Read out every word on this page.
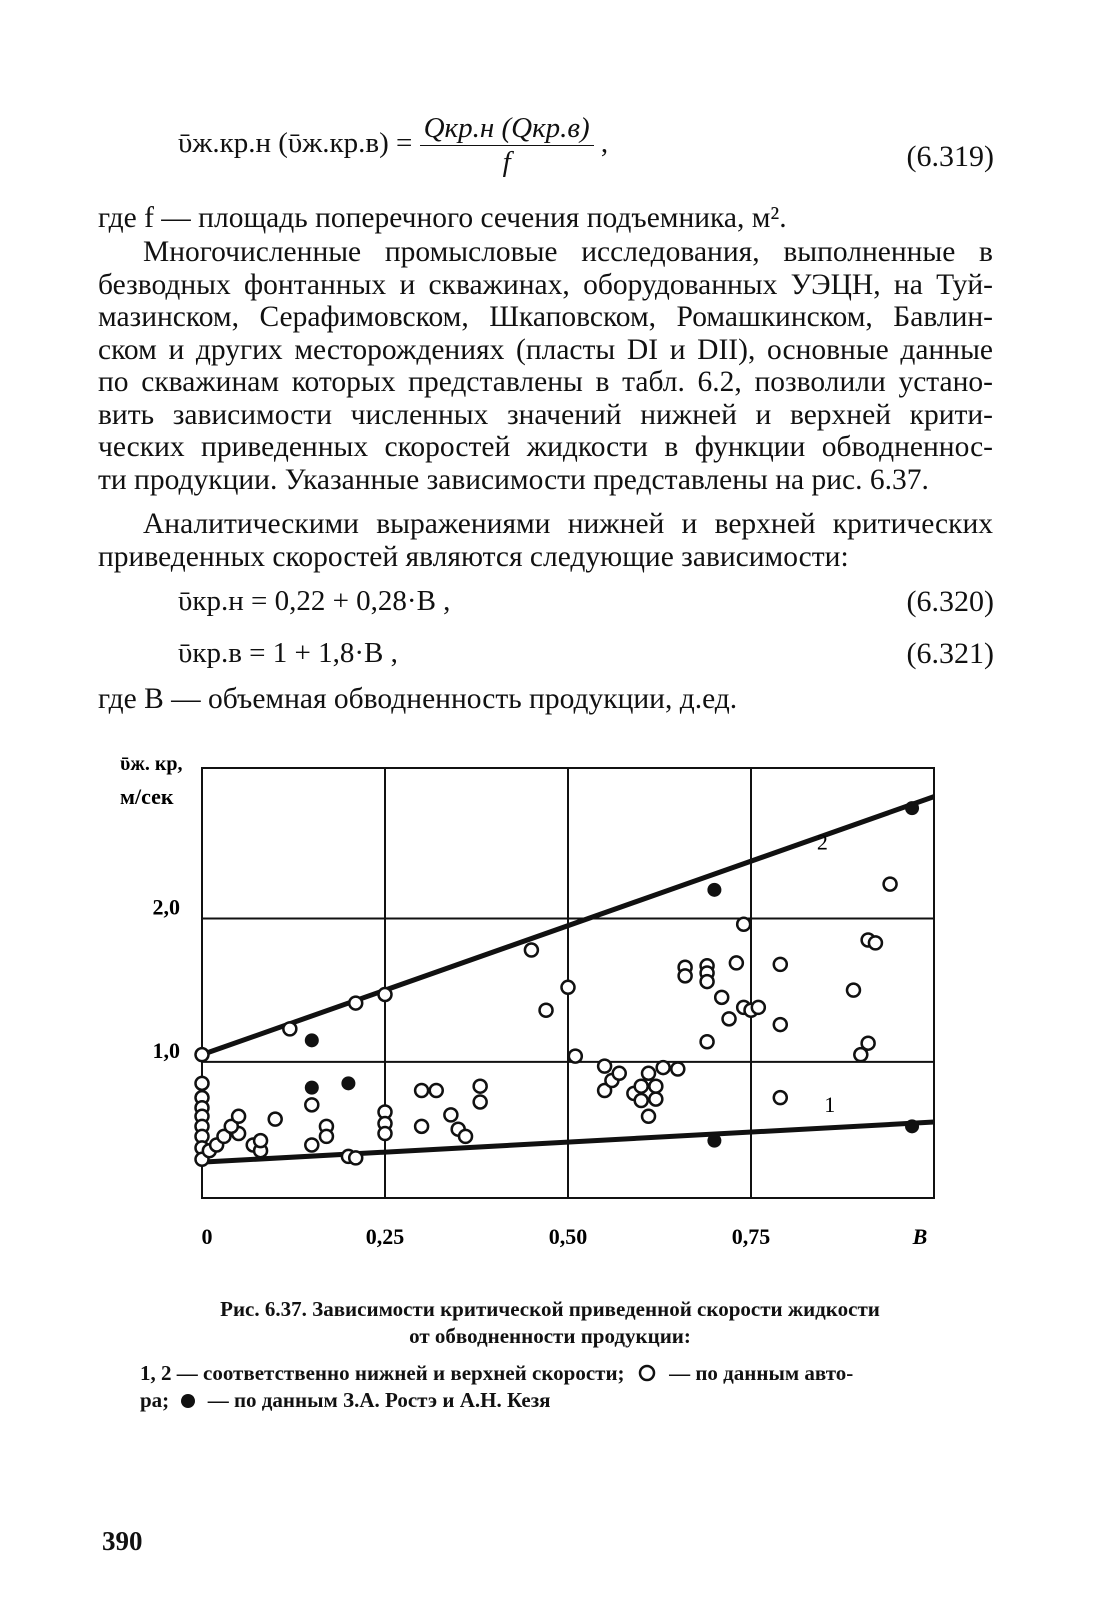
ῡж.кр.н (ῡж.кр.в) = $\frac{\text{Qкр.н (Qкр.в)}}{f}$ ,	(6.319)
где f — площадь поперечного сечения подъемника, м².
Многочисленные промысловые исследования, выполненные в
безводных фонтанных и скважинах, оборудованных УЭЦН, на Туй-
мазинском, Серафимовском, Шкаповском, Ромашкинском, Бавлин-
ском и других месторождениях (пласты DI и DII), основные данные
по скважинам которых представлены в табл. 6.2, позволили устано-
вить зависимости численных значений нижней и верхней крити-
ческих приведенных скоростей жидкости в функции обводненнос-
ти продукции. Указанные зависимости представлены на рис. 6.37.
Аналитическими выражениями нижней и верхней критических
приведенных скоростей являются следующие зависимости:
ῡкр.н = 0,22 + 0,28·B ,	(6.320)
ῡкр.в = 1 + 1,8·B ,	(6.321)
где B — объемная обводненность продукции, д.ед.
0	0,25	0,50	0,75	B
1,0
2,0
ῡж. кр,
м/сек
2
1
Рис. 6.37. Зависимости критической приведенной скорости жидкости
от обводненности продукции:
1, 2 — соответственно нижней и верхней скорости; — по данным авто-
ра; — по данным З.А. Ростэ и А.Н. Кезя
390
